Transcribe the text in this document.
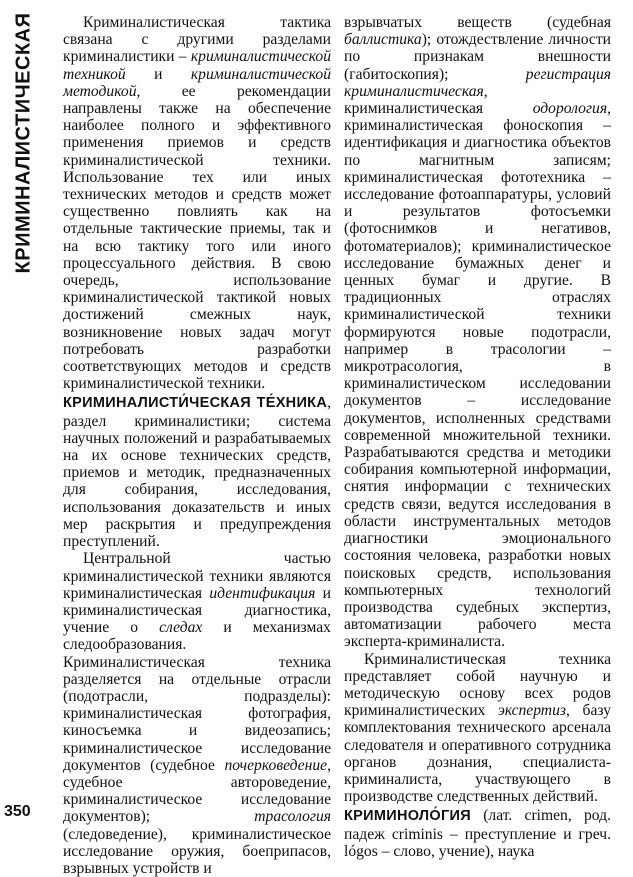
КРИМИНАЛИСТИЧЕСКАЯ
350

Криминалистическая тактика связана с другими разделами криминалистики – криминалистической техникой и криминалистической методикой, ее рекомендации направлены также на обеспечение наиболее полного и эффективного применения приемов и средств криминалистической техники. Использование тех или иных технических методов и средств может существенно повлиять как на отдельные тактические приемы, так и на всю тактику того или иного процессуального действия. В свою очередь, использование криминалистической тактикой новых достижений смежных наук, возникновение новых задач могут потребовать разработки соответствующих методов и средств криминалистической техники.

КРИМИНАЛИСТИ́ЧЕСКАЯ ТЕ́ХНИКА, раздел криминалистики; система научных положений и разрабатываемых на их основе технических средств, приемов и методик, предназначенных для собирания, исследования, использования доказательств и иных мер раскрытия и предупреждения преступлений.

Центральной частью криминалистической техники являются криминалистическая идентификация и криминалистическая диагностика, учение о следах и механизмах следообразования. Криминалистическая техника разделяется на отдельные отрасли (подотрасли, подразделы): криминалистическая фотография, киносъемка и видеозапись; криминалистическое исследование документов (судебное почерковедение, судебное автороведение, криминалистическое исследование документов); трасология (следоведение), криминалистическое исследование оружия, боеприпасов, взрывных устройств и

взрывчатых веществ (судебная баллистика); отождествление личности по признакам внешности (габитоскопия); регистрация криминалистическая, криминалистическая одорология, криминалистическая фоноскопия – идентификация и диагностика объектов по магнитным записям; криминалистическая фототехника – исследование фотоаппаратуры, условий и результатов фотосъемки (фотоснимков и негативов, фотоматериалов); криминалистическое исследование бумажных денег и ценных бумаг и другие. В традиционных отраслях криминалистической техники формируются новые подотрасли, например в трасологии – микротрасология, в криминалистическом исследовании документов – исследование документов, исполненных средствами современной множительной техники. Разрабатываются средства и методики собирания компьютерной информации, снятия информации с технических средств связи, ведутся исследования в области инструментальных методов диагностики эмоционального состояния человека, разработки новых поисковых средств, использования компьютерных технологий производства судебных экспертиз, автоматизации рабочего места эксперта-криминалиста.

Криминалистическая техника представляет собой научную и методическую основу всех родов криминалистических экспертиз, базу комплектования технического арсенала следователя и оперативного сотрудника органов дознания, специалиста-криминалиста, участвующего в производстве следственных действий.

КРИМИНОЛО́ГИЯ (лат. crimen, род. падеж criminis – преступление и греч. lógos – слово, учение), наука
